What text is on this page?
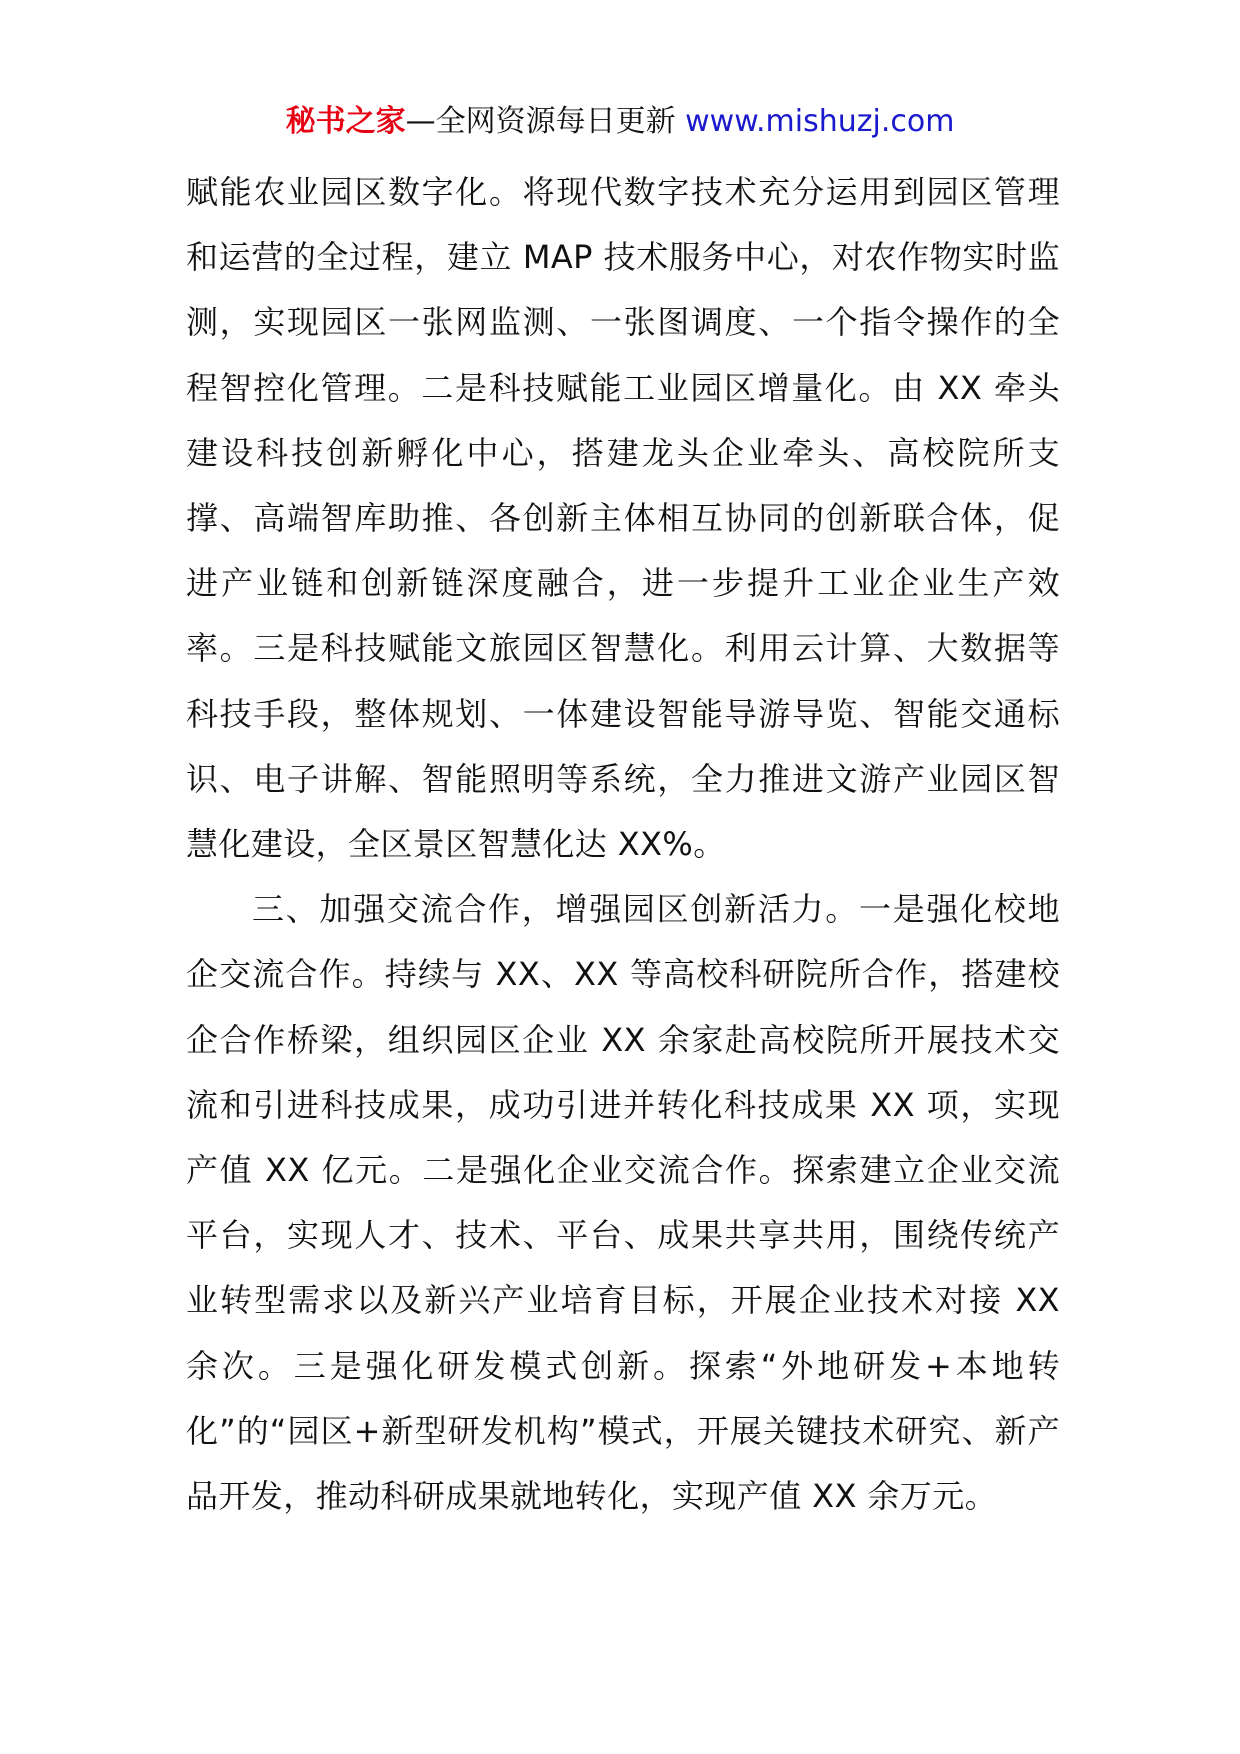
秘书之家—全网资源每日更新 www.mishuzj.com

赋能农业园区数字化。将现代数字技术充分运用到园区管理和运营的全过程，建立 MAP 技术服务中心，对农作物实时监测，实现园区一张网监测、一张图调度、一个指令操作的全程智控化管理。二是科技赋能工业园区增量化。由 XX 牵头建设科技创新孵化中心，搭建龙头企业牵头、高校院所支撑、高端智库助推、各创新主体相互协同的创新联合体，促进产业链和创新链深度融合，进一步提升工业企业生产效率。三是科技赋能文旅园区智慧化。利用云计算、大数据等科技手段，整体规划、一体建设智能导游导览、智能交通标识、电子讲解、智能照明等系统，全力推进文游产业园区智慧化建设，全区景区智慧化达 XX%。

三、加强交流合作，增强园区创新活力。一是强化校地企交流合作。持续与 XX、XX 等高校科研院所合作，搭建校企合作桥梁，组织园区企业 XX 余家赴高校院所开展技术交流和引进科技成果，成功引进并转化科技成果 XX 项，实现产值 XX 亿元。二是强化企业交流合作。探索建立企业交流平台，实现人才、技术、平台、成果共享共用，围绕传统产业转型需求以及新兴产业培育目标，开展企业技术对接 XX 余次。三是强化研发模式创新。探索“外地研发+本地转化”的“园区+新型研发机构”模式，开展关键技术研究、新产品开发，推动科研成果就地转化，实现产值 XX 余万元。
